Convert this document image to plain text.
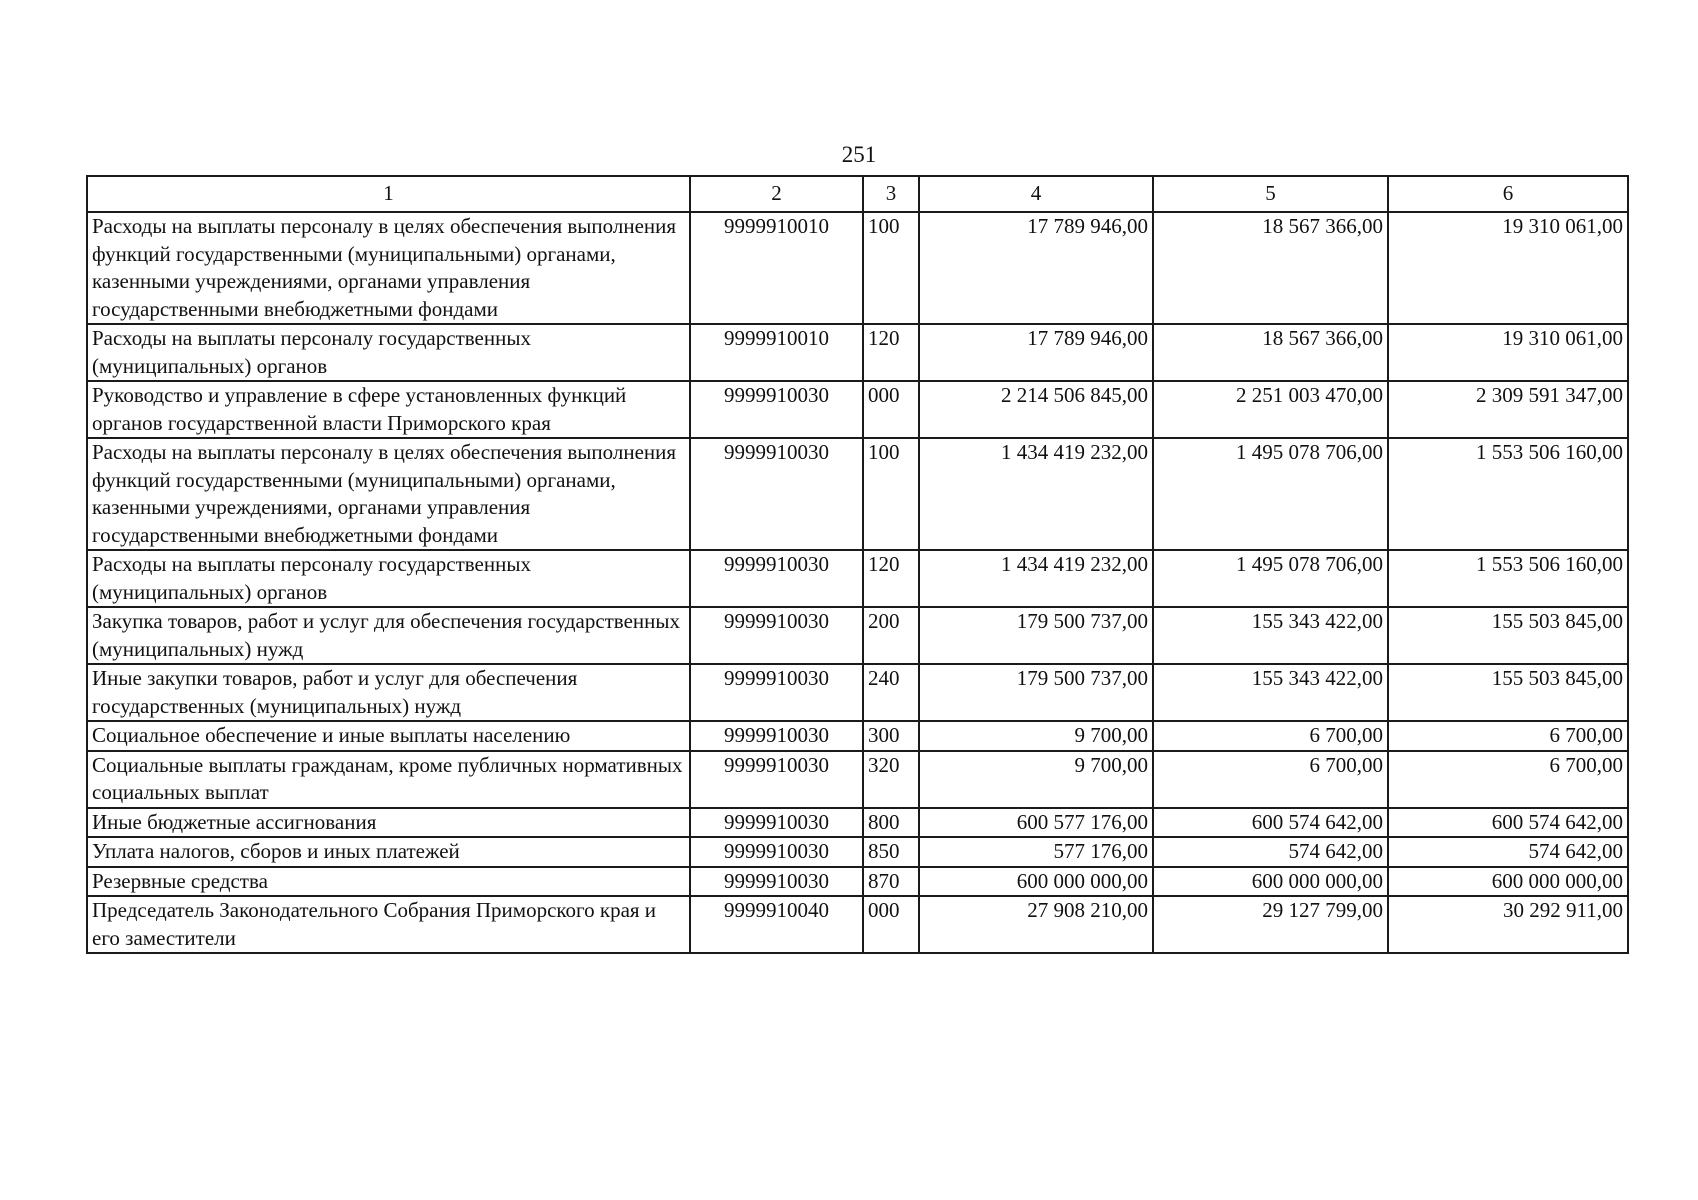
251
1	2	3	4	5	6
Расходы на выплаты персоналу в целях обеспечения выполнения функций государственными (муниципальными) органами, казенными учреждениями, органами управления государственными внебюджетными фондами	9999910010	100	17 789 946,00	18 567 366,00	19 310 061,00
Расходы на выплаты персоналу государственных (муниципальных) органов	9999910010	120	17 789 946,00	18 567 366,00	19 310 061,00
Руководство и управление в сфере установленных функций органов государственной власти Приморского края	9999910030	000	2 214 506 845,00	2 251 003 470,00	2 309 591 347,00
Расходы на выплаты персоналу в целях обеспечения выполнения функций государственными (муниципальными) органами, казенными учреждениями, органами управления государственными внебюджетными фондами	9999910030	100	1 434 419 232,00	1 495 078 706,00	1 553 506 160,00
Расходы на выплаты персоналу государственных (муниципальных) органов	9999910030	120	1 434 419 232,00	1 495 078 706,00	1 553 506 160,00
Закупка товаров, работ и услуг для обеспечения государственных (муниципальных) нужд	9999910030	200	179 500 737,00	155 343 422,00	155 503 845,00
Иные закупки товаров, работ и услуг для обеспечения государственных (муниципальных) нужд	9999910030	240	179 500 737,00	155 343 422,00	155 503 845,00
Социальное обеспечение и иные выплаты населению	9999910030	300	9 700,00	6 700,00	6 700,00
Социальные выплаты гражданам, кроме публичных нормативных социальных выплат	9999910030	320	9 700,00	6 700,00	6 700,00
Иные бюджетные ассигнования	9999910030	800	600 577 176,00	600 574 642,00	600 574 642,00
Уплата налогов, сборов и иных платежей	9999910030	850	577 176,00	574 642,00	574 642,00
Резервные средства	9999910030	870	600 000 000,00	600 000 000,00	600 000 000,00
Председатель Законодательного Собрания Приморского края и его заместители	9999910040	000	27 908 210,00	29 127 799,00	30 292 911,00
